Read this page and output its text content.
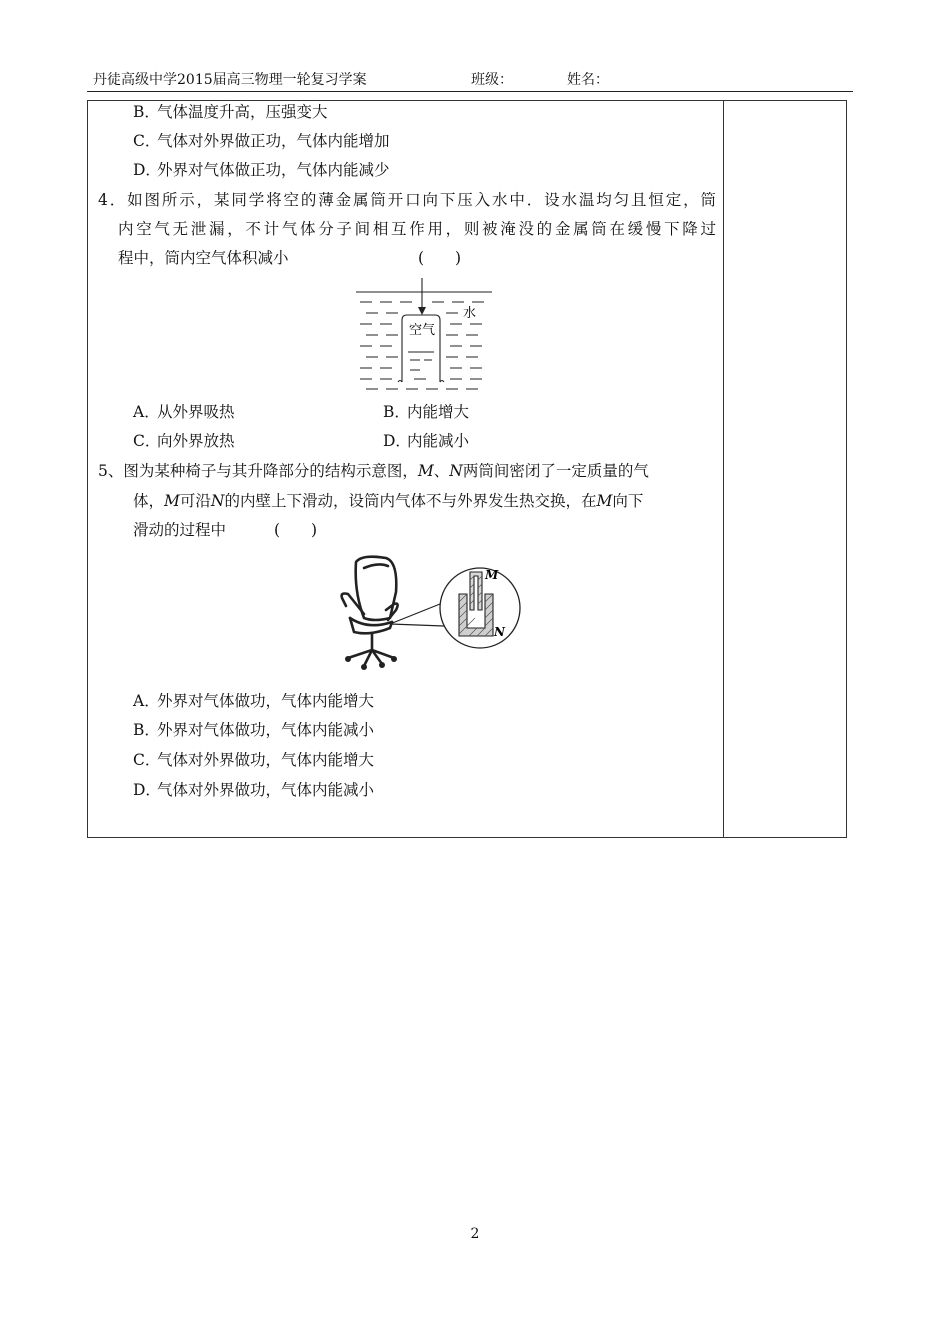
丹徒高级中学2015届高三物理一轮复习学案	班级：	姓名：
B．气体温度升高，压强变大
C．气体对外界做正功，气体内能增加
D．外界对气体做正功，气体内能减少
4．如图所示，某同学将空的薄金属筒开口向下压入水中．设水温均匀且恒定，筒
内空气无泄漏，不计气体分子间相互作用，则被淹没的金属筒在缓慢下降过
程中，筒内空气体积减小	(　　)
空气
水
A．从外界吸热	B．内能增大
C．向外界放热	D．内能减小
5、图为某种椅子与其升降部分的结构示意图，M、N两筒间密闭了一定质量的气
体，M可沿N的内壁上下滑动，设筒内气体不与外界发生热交换，在M向下
滑动的过程中	(　　)
M
N
A．外界对气体做功，气体内能增大
B．外界对气体做功，气体内能减小
C．气体对外界做功，气体内能增大
D．气体对外界做功，气体内能减小
2
